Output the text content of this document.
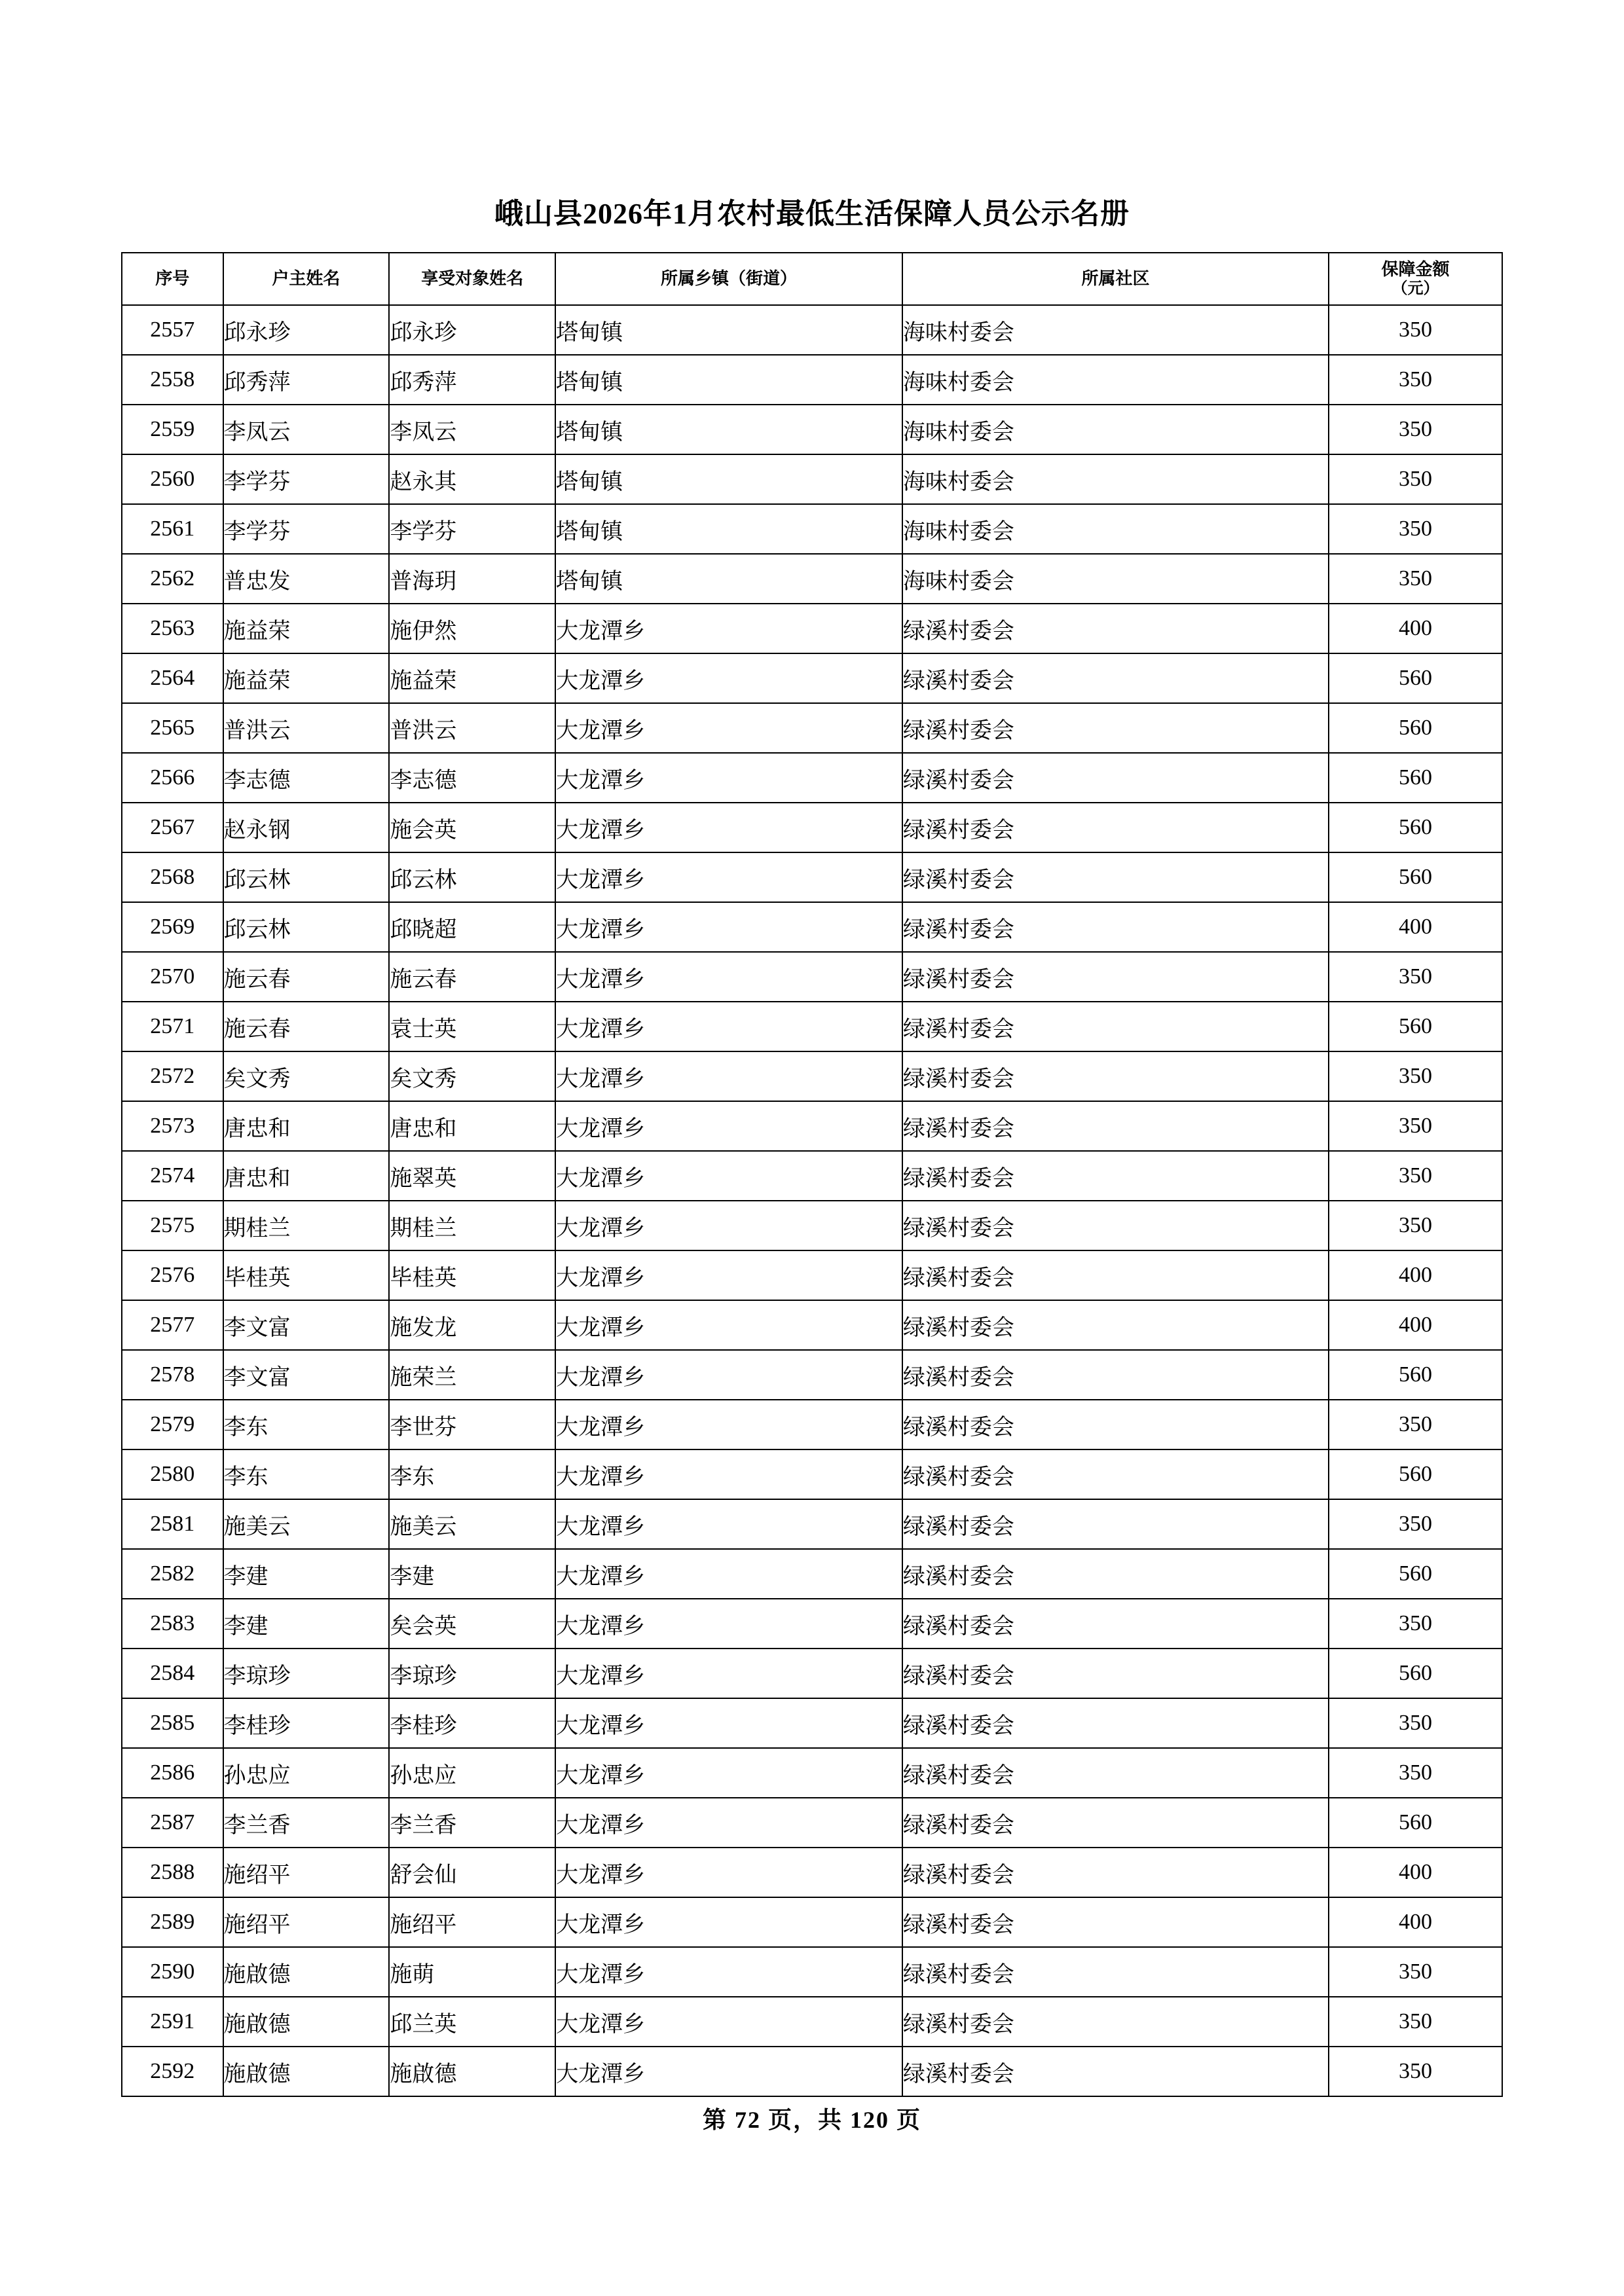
峨山县2026年1月农村最低生活保障人员公示名册
序号	户主姓名	享受对象姓名	所属乡镇（街道）	所属社区	保障金额
（元）

2557	邱永珍	邱永珍	塔甸镇	海味村委会	350
2558	邱秀萍	邱秀萍	塔甸镇	海味村委会	350
2559	李凤云	李凤云	塔甸镇	海味村委会	350
2560	李学芬	赵永其	塔甸镇	海味村委会	350
2561	李学芬	李学芬	塔甸镇	海味村委会	350
2562	普忠发	普海玥	塔甸镇	海味村委会	350
2563	施益荣	施伊然	大龙潭乡	绿溪村委会	400
2564	施益荣	施益荣	大龙潭乡	绿溪村委会	560
2565	普洪云	普洪云	大龙潭乡	绿溪村委会	560
2566	李志德	李志德	大龙潭乡	绿溪村委会	560
2567	赵永钢	施会英	大龙潭乡	绿溪村委会	560
2568	邱云林	邱云林	大龙潭乡	绿溪村委会	560
2569	邱云林	邱晓超	大龙潭乡	绿溪村委会	400
2570	施云春	施云春	大龙潭乡	绿溪村委会	350
2571	施云春	袁士英	大龙潭乡	绿溪村委会	560
2572	矣文秀	矣文秀	大龙潭乡	绿溪村委会	350
2573	唐忠和	唐忠和	大龙潭乡	绿溪村委会	350
2574	唐忠和	施翠英	大龙潭乡	绿溪村委会	350
2575	期桂兰	期桂兰	大龙潭乡	绿溪村委会	350
2576	毕桂英	毕桂英	大龙潭乡	绿溪村委会	400
2577	李文富	施发龙	大龙潭乡	绿溪村委会	400
2578	李文富	施荣兰	大龙潭乡	绿溪村委会	560
2579	李东	李世芬	大龙潭乡	绿溪村委会	350
2580	李东	李东	大龙潭乡	绿溪村委会	560
2581	施美云	施美云	大龙潭乡	绿溪村委会	350
2582	李建	李建	大龙潭乡	绿溪村委会	560
2583	李建	矣会英	大龙潭乡	绿溪村委会	350
2584	李琼珍	李琼珍	大龙潭乡	绿溪村委会	560
2585	李桂珍	李桂珍	大龙潭乡	绿溪村委会	350
2586	孙忠应	孙忠应	大龙潭乡	绿溪村委会	350
2587	李兰香	李兰香	大龙潭乡	绿溪村委会	560
2588	施绍平	舒会仙	大龙潭乡	绿溪村委会	400
2589	施绍平	施绍平	大龙潭乡	绿溪村委会	400
2590	施啟德	施萌	大龙潭乡	绿溪村委会	350
2591	施啟德	邱兰英	大龙潭乡	绿溪村委会	350
2592	施啟德	施啟德	大龙潭乡	绿溪村委会	350
第 72 页，共 120 页
